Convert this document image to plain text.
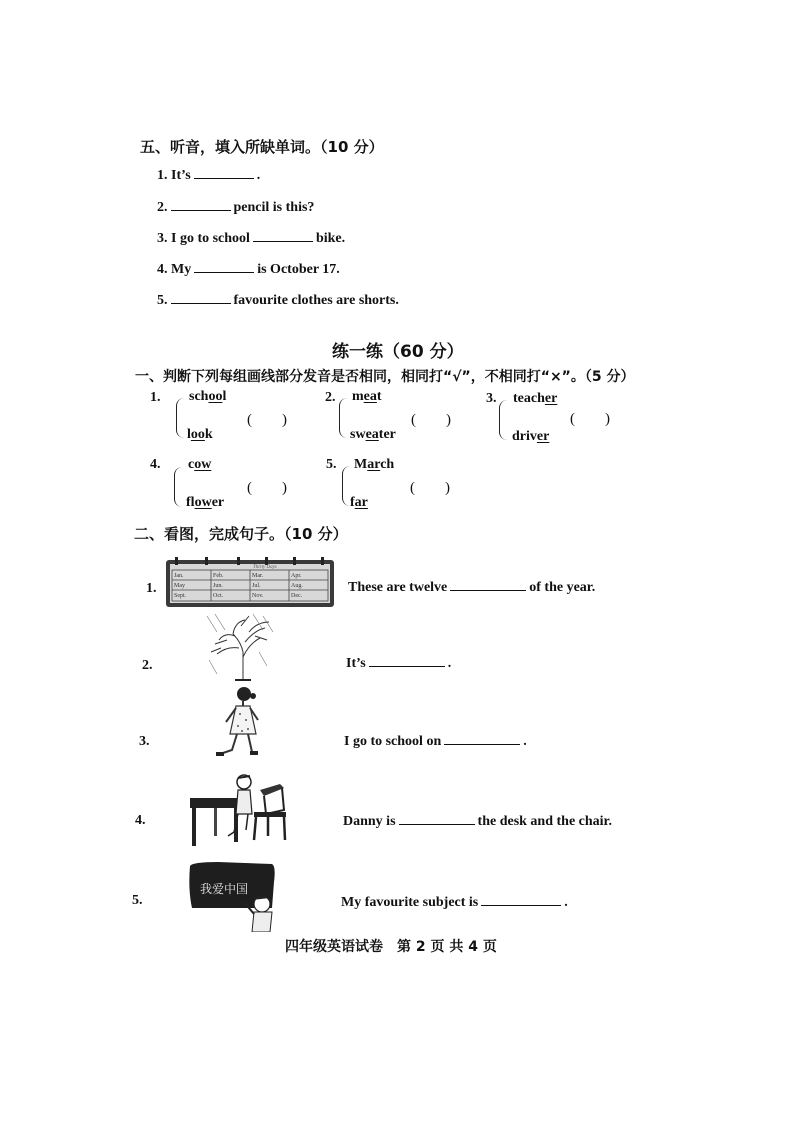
五、听音，填入所缺单词。（10 分）
1. It’s	.
2.	pencil is this?
3. I go to school	bike.
4. My	is October 17.
5.	favourite clothes are shorts.
练一练（60 分）
一、判断下列每组画线部分发音是否相同，相同打“√”，不相同打“×”。（5 分）
1. school
look
(　　)
2. meat
sweater
(　　)
3. teacher
driver
(　　)
4. cow
flower
(　　)
5. March
far
(　　)
二、看图，完成句子。（10 分）
1.
Thirty Days
Jan.	Feb.	Mar.	Apr.
May	Jun.	Jul.	Aug.
Sept.	Oct.	Nov.	Dec.
These are twelve	of the year.
2.	It’s	.
3.	I go to school on	.
4.	Danny is	the desk and the chair.
5.
我爱中国
My favourite subject is	.
四年级英语试卷　第 2 页 共 4 页
